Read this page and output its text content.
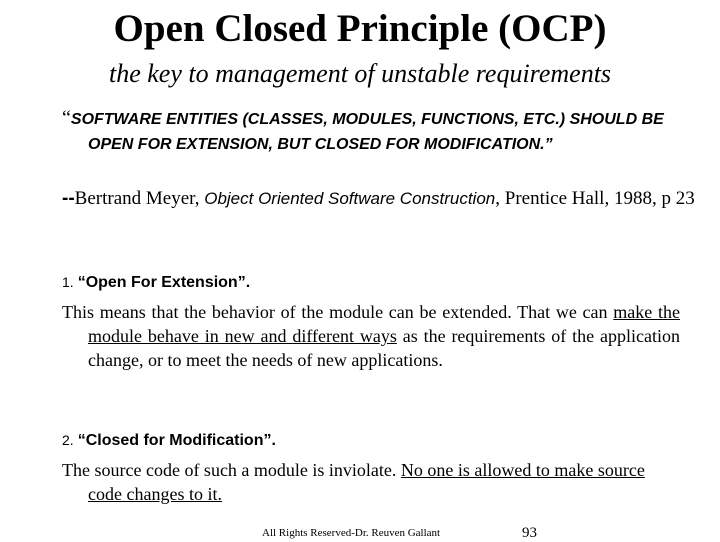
Open Closed Principle (OCP)
the key to management of unstable requirements
“SOFTWARE ENTITIES (CLASSES, MODULES, FUNCTIONS, ETC.) SHOULD BE OPEN FOR EXTENSION, BUT CLOSED FOR MODIFICATION.”
--Bertrand Meyer, Object Oriented Software Construction, Prentice Hall, 1988, p 23
1. “Open For Extension”.
This means that the behavior of the module can be extended. That we can make the module behave in new and different ways as the requirements of the application change, or to meet the needs of new applications.
2. “Closed for Modification”.
The source code of such a module is inviolate. No one is allowed to make source code changes to it.
All Rights Reserved-Dr. Reuven Gallant	93
